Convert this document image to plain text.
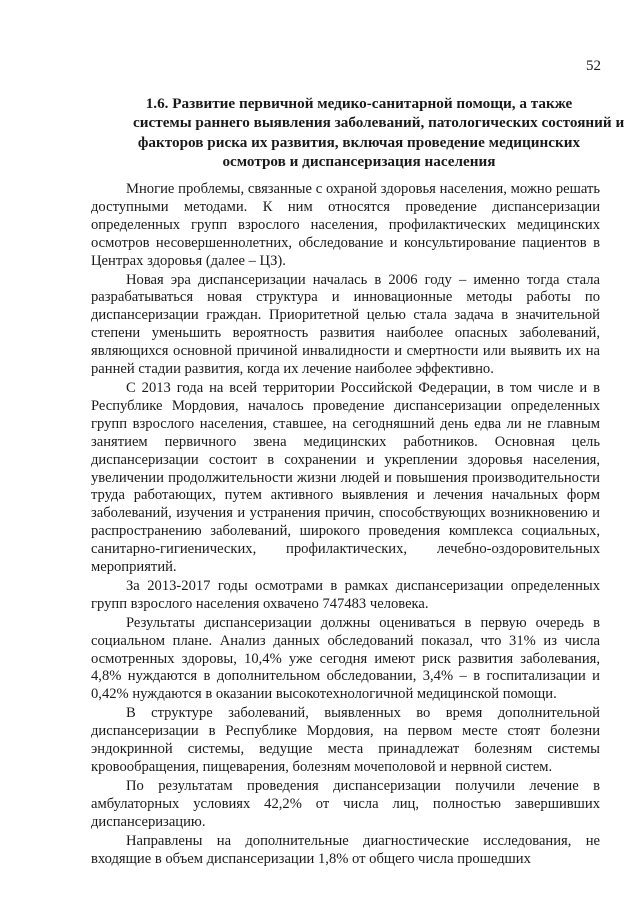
52
1.6. Развитие первичной медико-санитарной помощи, а также
системы раннего выявления заболеваний, патологических состояний и
факторов риска их развития, включая проведение медицинских
осмотров и диспансеризация населения

Многие проблемы, связанные с охраной здоровья населения, можно решать доступными методами. К ним относятся проведение диспансеризации определенных групп взрослого населения, профилактических медицинских осмотров несовершеннолетних, обследование и консультирование пациентов в Центрах здоровья (далее – ЦЗ).

Новая эра диспансеризации началась в 2006 году – именно тогда стала разрабатываться новая структура и инновационные методы работы по диспансеризации граждан. Приоритетной целью стала задача в значительной степени уменьшить вероятность развития наиболее опасных заболеваний, являющихся основной причиной инвалидности и смертности или выявить их на ранней стадии развития, когда их лечение наиболее эффективно.

С 2013 года на всей территории Российской Федерации, в том числе и в Республике Мордовия, началось проведение диспансеризации определенных групп взрослого населения, ставшее, на сегодняшний день едва ли не главным занятием первичного звена медицинских работников. Основная цель диспансеризации состоит в сохранении и укреплении здоровья населения, увеличении продолжительности жизни людей и повышения производительности труда работающих, путем активного выявления и лечения начальных форм заболеваний, изучения и устранения причин, способствующих возникновению и распространению заболеваний, широкого проведения комплекса социальных, санитарно-гигиенических, профилактических, лечебно-оздоровительных мероприятий.

За 2013-2017 годы осмотрами в рамках диспансеризации определенных групп взрослого населения охвачено 747483 человека.

Результаты диспансеризации должны оцениваться в первую очередь в социальном плане. Анализ данных обследований показал, что 31% из числа осмотренных здоровы, 10,4% уже сегодня имеют риск развития заболевания, 4,8% нуждаются в дополнительном обследовании, 3,4% – в госпитализации и 0,42% нуждаются в оказании высокотехнологичной медицинской помощи.

В структуре заболеваний, выявленных во время дополнительной диспансеризации в Республике Мордовия, на первом месте стоят болезни эндокринной системы, ведущие места принадлежат болезням системы кровообращения, пищеварения, болезням мочеполовой и нервной систем.

По результатам проведения диспансеризации получили лечение в амбулаторных условиях 42,2% от числа лиц, полностью завершивших диспансеризацию.

Направлены на дополнительные диагностические исследования, не входящие в объем диспансеризации 1,8% от общего числа прошедших
